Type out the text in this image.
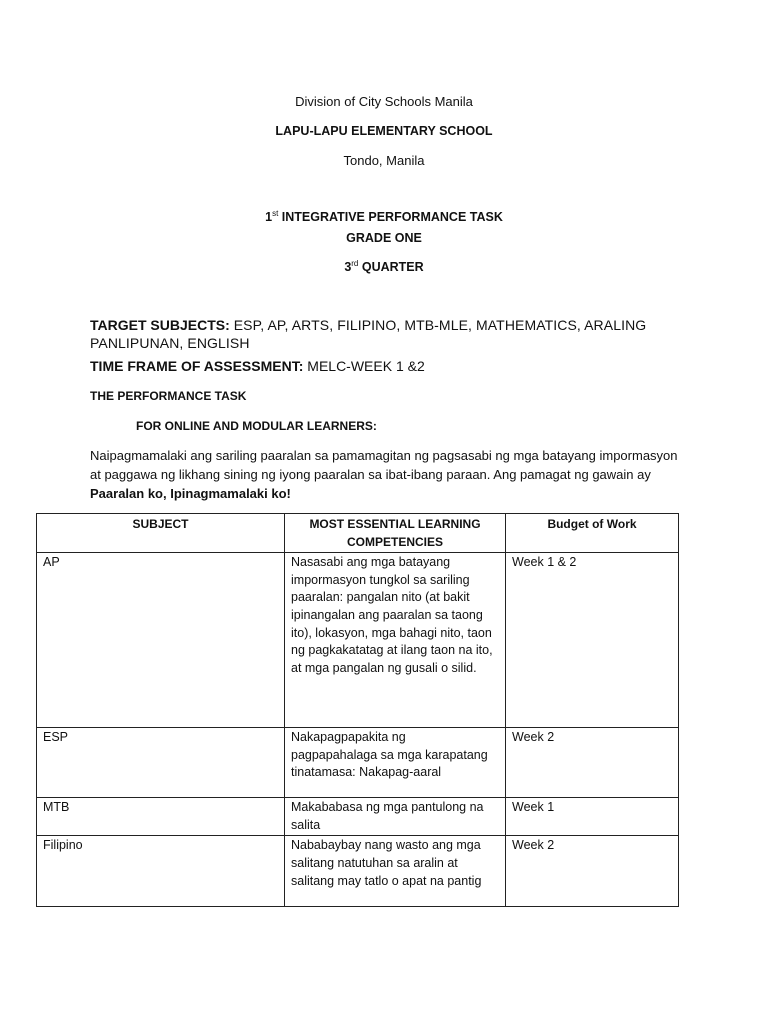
Division of City Schools Manila
LAPU-LAPU ELEMENTARY SCHOOL
Tondo, Manila
1st INTEGRATIVE PERFORMANCE TASK
GRADE ONE
3rd QUARTER
TARGET SUBJECTS: ESP, AP, ARTS, FILIPINO, MTB-MLE, MATHEMATICS, ARALING PANLIPUNAN, ENGLISH
TIME FRAME OF ASSESSMENT: MELC-WEEK 1 &2
THE PERFORMANCE TASK
FOR ONLINE AND MODULAR LEARNERS:
Naipagmamalaki ang sariling paaralan sa pamamagitan ng pagsasabi ng mga batayang impormasyon at paggawa ng likhang sining ng iyong paaralan sa ibat-ibang paraan. Ang pamagat ng gawain ay Paaralan ko, Ipinagmamalaki ko!
SUBJECT	MOST ESSENTIAL LEARNING COMPETENCIES	Budget of Work
AP	Nasasabi ang mga batayang impormasyon tungkol sa sariling paaralan: pangalan nito (at bakit ipinangalan ang paaralan sa taong ito), lokasyon, mga bahagi nito, taon ng pagkakatatag at ilang taon na ito, at mga pangalan ng gusali o silid.	Week 1 & 2
ESP	Nakapagpapakita ng pagpapahalaga sa mga karapatang tinatamasa: Nakapag-aaral	Week 2
MTB	Makababasa ng mga pantulong na salita	Week 1
Filipino	Nababaybay nang wasto ang mga salitang natutuhan sa aralin at salitang may tatlo o apat na pantig	Week 2
